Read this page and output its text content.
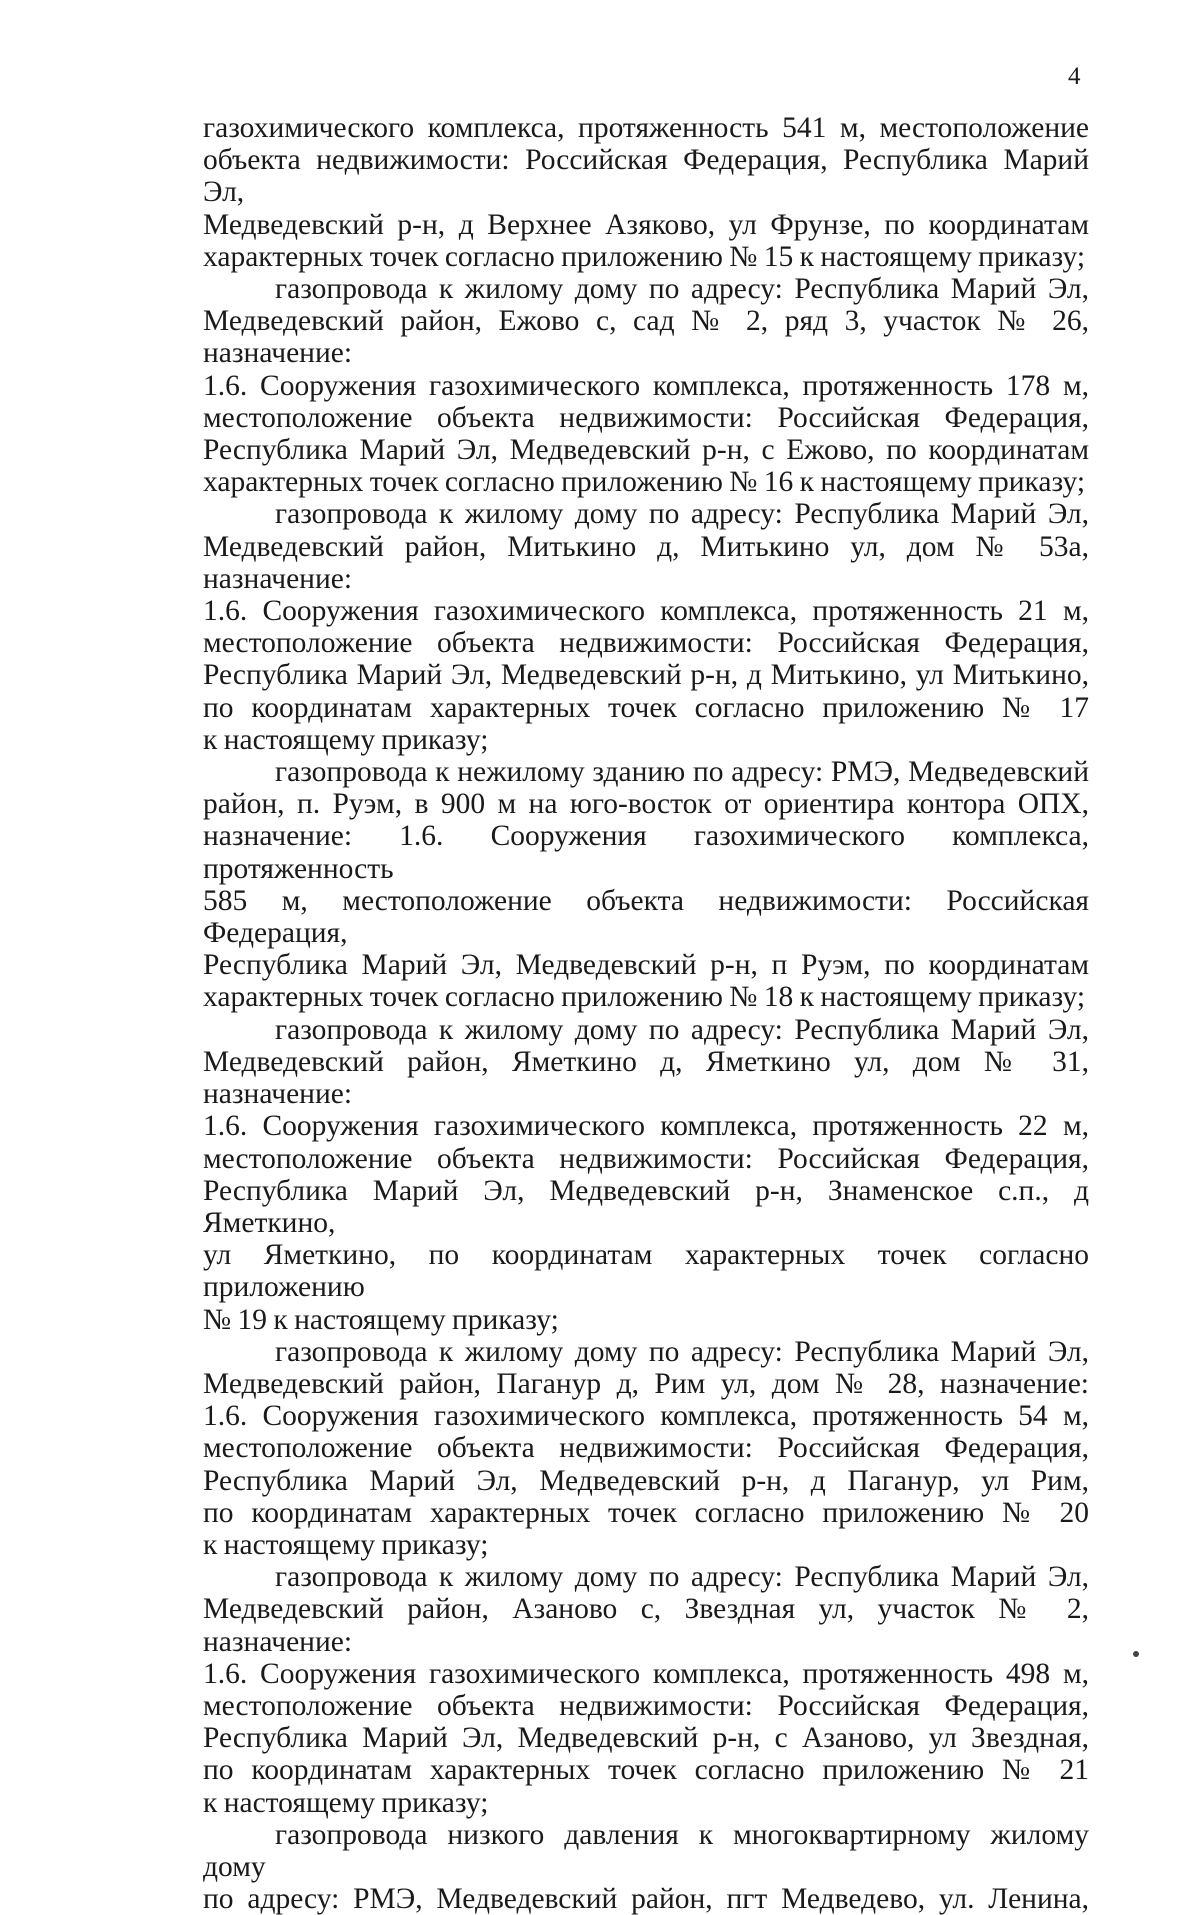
4

газохимического комплекса, протяженность 541 м, местоположение

объекта недвижимости: Российская Федерация, Республика Марий Эл,

Медведевский р-н, д Верхнее Азяково, ул Фрунзе, по координатам

характерных точек согласно приложению № 15 к настоящему приказу;

газопровода к жилому дому по адресу: Республика Марий Эл,

Медведевский район, Ежово с, сад № 2, ряд 3, участок № 26, назначение:

1.6. Сооружения газохимического комплекса, протяженность 178 м,

местоположение объекта недвижимости: Российская Федерация,

Республика Марий Эл, Медведевский р-н, с Ежово, по координатам

характерных точек согласно приложению № 16 к настоящему приказу;

газопровода к жилому дому по адресу: Республика Марий Эл,

Медведевский район, Митькино д, Митькино ул, дом № 53а, назначение:

1.6. Сооружения газохимического комплекса, протяженность 21 м,

местоположение объекта недвижимости: Российская Федерация,

Республика Марий Эл, Медведевский р-н, д Митькино, ул Митькино,

по координатам характерных точек согласно приложению № 17

к настоящему приказу;

газопровода к нежилому зданию по адресу: РМЭ, Медведевский

район, п. Руэм, в 900 м на юго-восток от ориентира контора ОПХ,

назначение: 1.6. Сооружения газохимического комплекса, протяженность

585 м, местоположение объекта недвижимости: Российская Федерация,

Республика Марий Эл, Медведевский р-н, п Руэм, по координатам

характерных точек согласно приложению № 18 к настоящему приказу;

газопровода к жилому дому по адресу: Республика Марий Эл,

Медведевский район, Яметкино д, Яметкино ул, дом № 31, назначение:

1.6. Сооружения газохимического комплекса, протяженность 22 м,

местоположение объекта недвижимости: Российская Федерация,

Республика Марий Эл, Медведевский р-н, Знаменское с.п., д Яметкино,

ул Яметкино, по координатам характерных точек согласно приложению

№ 19 к настоящему приказу;

газопровода к жилому дому по адресу: Республика Марий Эл,

Медведевский район, Паганур д, Рим ул, дом № 28, назначение:

1.6. Сооружения газохимического комплекса, протяженность 54 м,

местоположение объекта недвижимости: Российская Федерация,

Республика Марий Эл, Медведевский р-н, д Паганур, ул Рим,

по координатам характерных точек согласно приложению № 20

к настоящему приказу;

газопровода к жилому дому по адресу: Республика Марий Эл,

Медведевский район, Азаново с, Звездная ул, участок № 2, назначение:

1.6. Сооружения газохимического комплекса, протяженность 498 м,

местоположение объекта недвижимости: Российская Федерация,

Республика Марий Эл, Медведевский р-н, с Азаново, ул Звездная,

по координатам характерных точек согласно приложению № 21

к настоящему приказу;

газопровода низкого давления к многоквартирному жилому дому

по адресу: РМЭ, Медведевский район, пгт Медведево, ул. Ленина,
